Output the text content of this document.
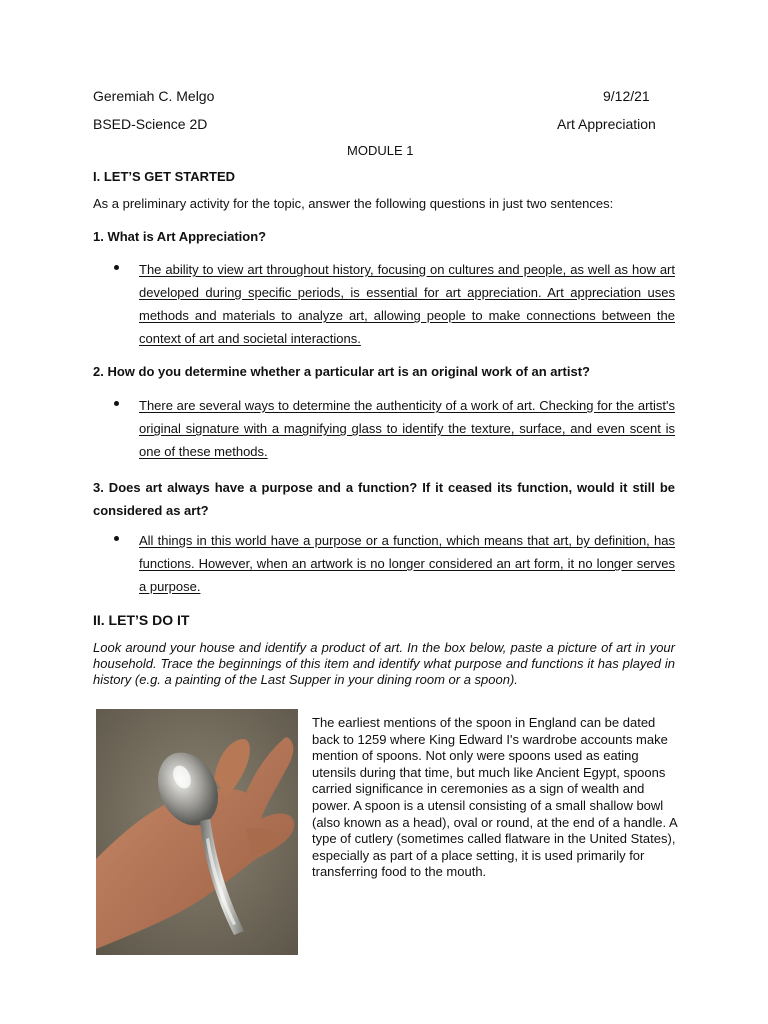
Geremiah C. Melgo	9/12/21
BSED-Science 2D	Art Appreciation
MODULE 1
I. LET’S GET STARTED
As a preliminary activity for the topic, answer the following questions in just two sentences:
1. What is Art Appreciation?
The ability to view art throughout history, focusing on cultures and people, as well as how art developed during specific periods, is essential for art appreciation. Art appreciation uses methods and materials to analyze art, allowing people to make connections between the context of art and societal interactions.
2. How do you determine whether a particular art is an original work of an artist?
There are several ways to determine the authenticity of a work of art. Checking for the artist's original signature with a magnifying glass to identify the texture, surface, and even scent is one of these methods.
3. Does art always have a purpose and a function? If it ceased its function, would it still be considered as art?
All things in this world have a purpose or a function, which means that art, by definition, has functions. However, when an artwork is no longer considered an art form, it no longer serves a purpose.
II. LET’S DO IT
Look around your house and identify a product of art. In the box below, paste a picture of art in your household. Trace the beginnings of this item and identify what purpose and functions it has played in history (e.g. a painting of the Last Supper in your dining room or a spoon).
The earliest mentions of the spoon in England can be dated back to 1259 where King Edward I's wardrobe accounts make mention of spoons. Not only were spoons used as eating utensils during that time, but much like Ancient Egypt, spoons carried significance in ceremonies as a sign of wealth and power. A spoon is a utensil consisting of a small shallow bowl (also known as a head), oval or round, at the end of a handle. A type of cutlery (sometimes called flatware in the United States), especially as part of a place setting, it is used primarily for transferring food to the mouth.
